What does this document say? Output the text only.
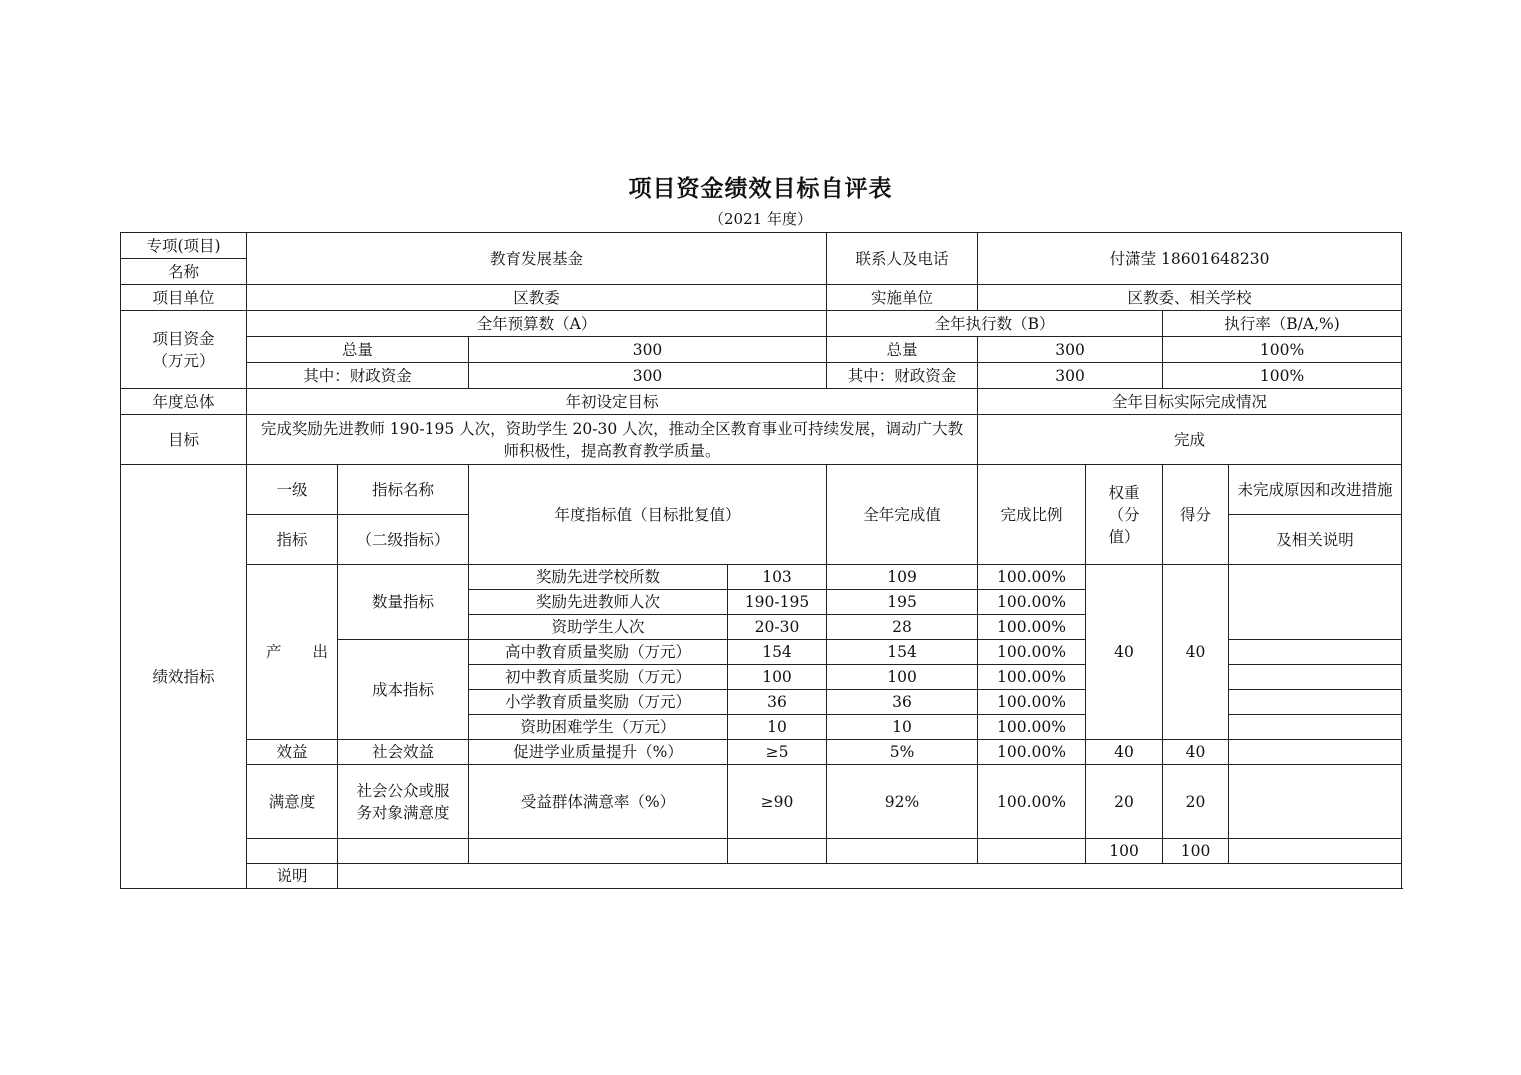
项目资金绩效目标自评表
（2021 年度）
专项(项目)	教育发展基金				联系人及电话	付潇莹 18601648230			
名称									
项目单位	区教委				实施单位	区教委、相关学校			

项目资金
（万元）	全年预算数（A）				全年执行数（B）			执行率（B/A,%)	
	总量		300		总量	300		100%	
	其中：财政资金		300		其中：财政资金	300		100%	
年度总体	年初设定目标					全年目标实际完成情况			
目标	完成奖励先进教师 190-195 人次，资助学生 20-30 人次，推动全区教育事业可持续发展，调动广大教师积极性，提高教育教学质量。					完成			
绩效指标	一级	指标名称	年度指标值（目标批复值）		全年完成值	完成比例	权重（分值）	得分	未完成原因和改进措施
	指标	（二级指标）							及相关说明
	产　　出	数量指标	奖励先进学校所数	103	109	100.00%	40	40	
			奖励先进教师人次	190-195	195	100.00%			
			资助学生人次	20-30	28	100.00%			
		成本指标	高中教育质量奖励（万元）	154	154	100.00%			
			初中教育质量奖励（万元）	100	100	100.00%			
			小学教育质量奖励（万元）	36	36	100.00%			
			资助困难学生（万元）	10	10	100.00%			
	效益	社会效益	促进学业质量提升（%）	≥5	5%	100.00%	40	40	
	满意度	社会公众或服务对象满意度	受益群体满意率（%）	≥90	92%	100.00%	20	20	
							100	100	
	说明								
